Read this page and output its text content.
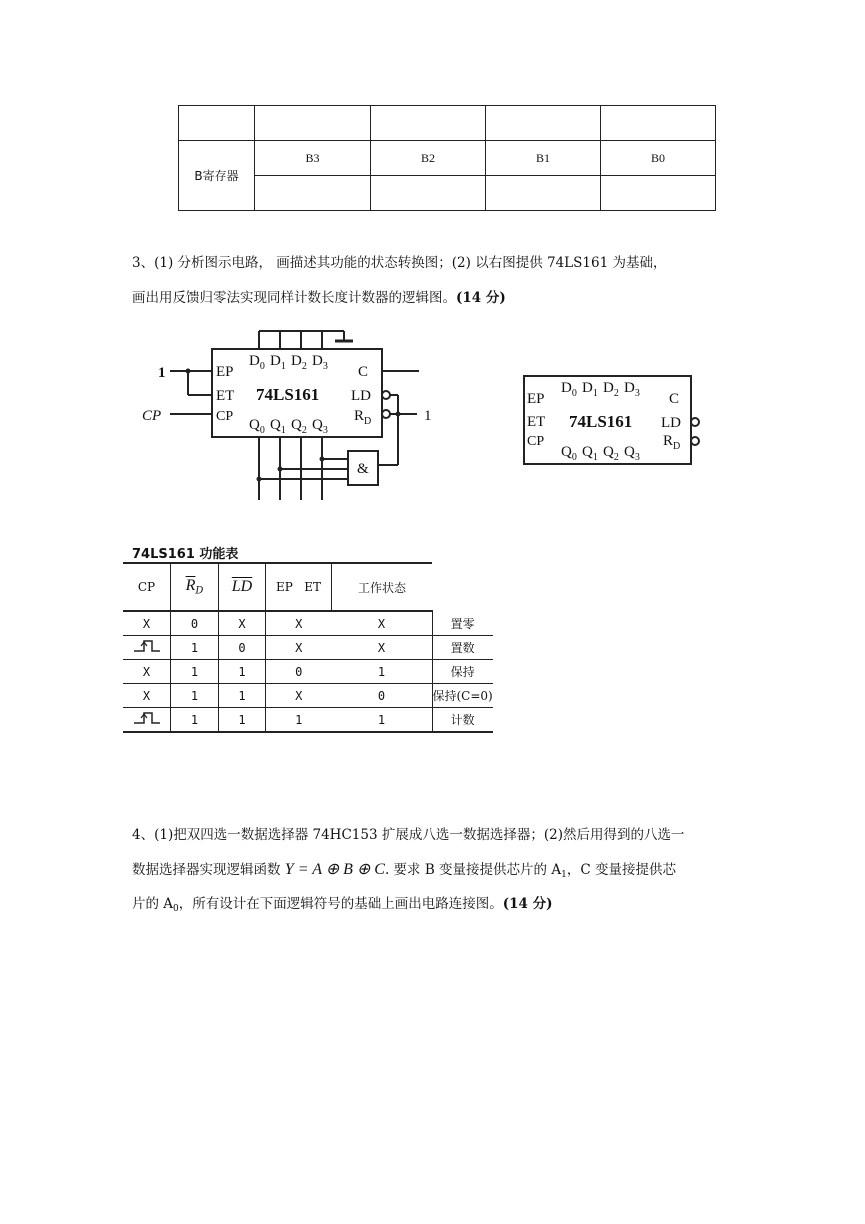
B寄存器	B3	B2	B1	B0

3、(1) 分析图示电路， 画描述其功能的状态转换图；(2) 以右图提供 74LS161 为基础，
画出用反馈归零法实现同样计数长度计数器的逻辑图。(14 分)
1
CP	1
EP
ET
CP
74LS161
C
LD
$R_D$
&
$D_0$
$Q_0$
$D_1$
$Q_1$
$D_2$
$Q_2$
$D_3$
$Q_3$
EP
ET
CP
74LS161
C
LD
$R_D$
$D_0$
$Q_0$
$D_1$
$Q_1$
$D_2$
$Q_2$
$D_3$
$Q_3$
74LS161 功能表
CP	$\overline{R}_D$	$\overline{LD}$	EP ET	工作状态	
X	0	X	X	X	置零
	1	0	X	X	置数
X	1	1	0	1	保持
X	1	1	X	0	保持(C=0)
	1	1	1	1	计数
4、(1)把双四选一数据选择器 74HC153 扩展成八选一数据选择器；(2)然后用得到的八选一
数据选择器实现逻辑函数 Y = A ⊕ B ⊕ C. 要求 B 变量接提供芯片的 $A_1$，C 变量接提供芯
片的 $A_0$，所有设计在下面逻辑符号的基础上画出电路连接图。(14 分)
